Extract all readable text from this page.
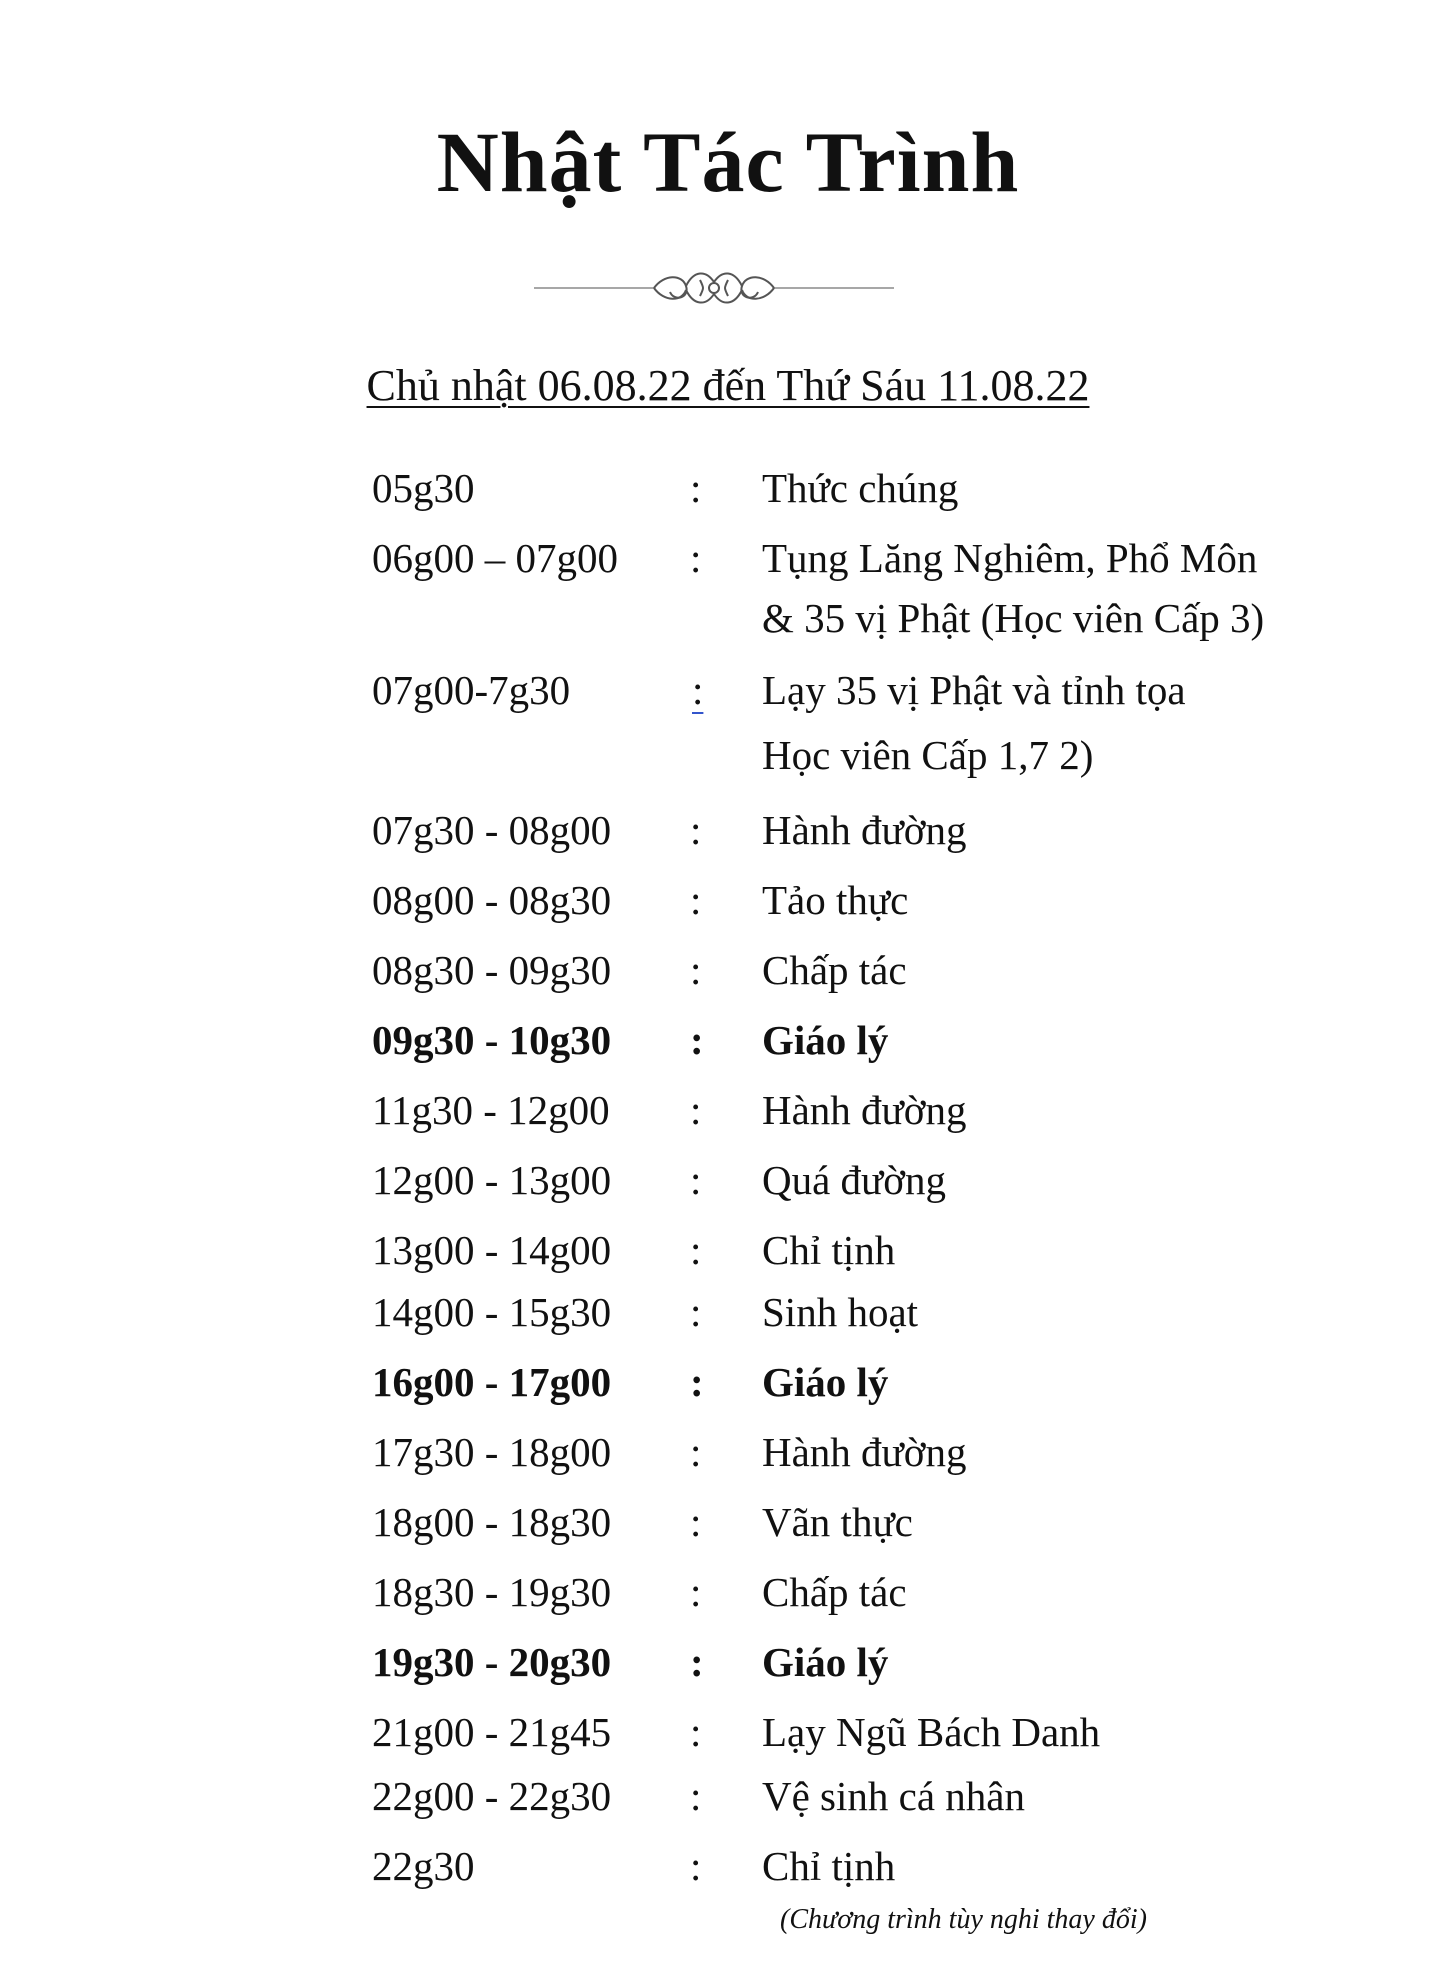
Nhật Tác Trình
Chủ nhật 06.08.22 đến Thứ Sáu 11.08.22
05g30	: Thức chúng
06g00 – 07g00 : Tụng Lăng Nghiêm, Phổ Môn
& 35 vị Phật (Học viên Cấp 3)
07g00-7g30	: Lạy 35 vị Phật và tỉnh tọa
Học viên Cấp 1,7 2)
07g30 - 08g00 : Hành đường
08g00 - 08g30 : Tảo thực
08g30 - 09g30 : Chấp tác
09g30 - 10g30 : Giáo lý
11g30 - 12g00 : Hành đường
12g00 - 13g00 : Quá đường
13g00 - 14g00 : Chỉ tịnh
14g00 - 15g30 : Sinh hoạt
16g00 - 17g00 : Giáo lý
17g30 - 18g00 : Hành đường
18g00 - 18g30 : Vãn thực
18g30 - 19g30 : Chấp tác
19g30 - 20g30 : Giáo lý
21g00 - 21g45 : Lạy Ngũ Bách Danh
22g00 - 22g30 : Vệ sinh cá nhân
22g30	: Chỉ tịnh
(Chương trình tùy nghi thay đổi)
